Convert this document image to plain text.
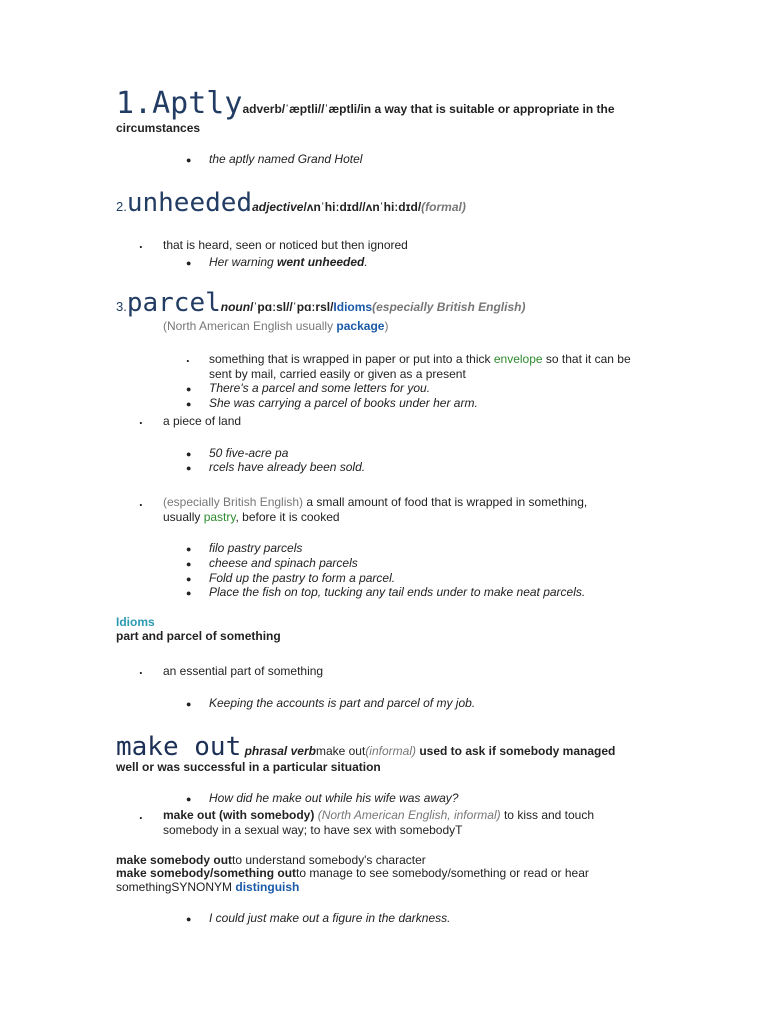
1.Aptlyadverb/ˈæptli//ˈæptli/in a way that is suitable or appropriate in the
circumstances
● the aptly named Grand Hotel
2.unheededadjective/ʌnˈhiːdɪd//ʌnˈhiːdɪd/(formal)
. that is heard, seen or noticed but then ignored
● Her warning went unheeded.
3.parcelnoun/ˈpɑːsl//ˈpɑːrsl/Idioms(especially British English)
(North American English usually package)
. something that is wrapped in paper or put into a thick envelope so that it can be
sent by mail, carried easily or given as a present
● There's a parcel and some letters for you.
● She was carrying a parcel of books under her arm.
. a piece of land
● 50 five-acre pa
● rcels have already been sold.
. (especially British English) a small amount of food that is wrapped in something,
usually pastry, before it is cooked
● filo pastry parcels
● cheese and spinach parcels
● Fold up the pastry to form a parcel.
● Place the fish on top, tucking any tail ends under to make neat parcels.
Idioms
part and parcel of something
. an essential part of something
● Keeping the accounts is part and parcel of my job.
make out phrasal verbmake out(informal) used to ask if somebody managed
well or was successful in a particular situation
● How did he make out while his wife was away?
. make out (with somebody) (North American English, informal) to kiss and touch
somebody in a sexual way; to have sex with somebodyT
make somebody outto understand somebody's character
make somebody/something outto manage to see somebody/something or read or hear
somethingSYNONYM distinguish
● I could just make out a figure in the darkness.
